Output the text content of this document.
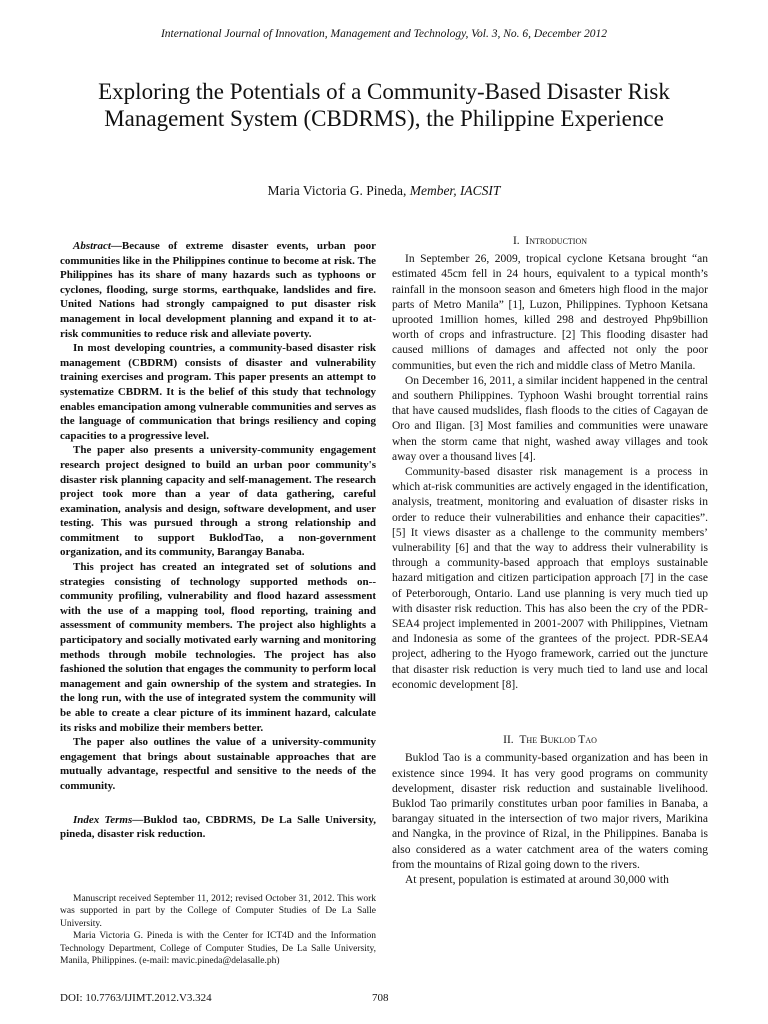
International Journal of Innovation, Management and Technology, Vol. 3, No. 6, December 2012
Exploring the Potentials of a Community-Based Disaster Risk Management System (CBDRMS), the Philippine Experience
Maria Victoria G. Pineda, Member, IACSIT

Abstract—Because of extreme disaster events, urban poor communities like in the Philippines continue to become at risk. The Philippines has its share of many hazards such as typhoons or cyclones, flooding, surge storms, earthquake, landslides and fire. United Nations had strongly campaigned to put disaster risk management in local development planning and expand it to at-risk communities to reduce risk and alleviate poverty.

In most developing countries, a community-based disaster risk management (CBDRM) consists of disaster and vulnerability training exercises and program. This paper presents an attempt to systematize CBDRM. It is the belief of this study that technology enables emancipation among vulnerable communities and serves as the language of communication that brings resiliency and coping capacities to a progressive level.

The paper also presents a university-community engagement research project designed to build an urban poor community's disaster risk planning capacity and self-management. The research project took more than a year of data gathering, careful examination, analysis and design, software development, and user testing. This was pursued through a strong relationship and commitment to support BuklodTao, a non-government organization, and its community, Barangay Banaba.

This project has created an integrated set of solutions and strategies consisting of technology supported methods on--community profiling, vulnerability and flood hazard assessment with the use of a mapping tool, flood reporting, training and assessment of community members. The project also highlights a participatory and socially motivated early warning and monitoring methods through mobile technologies. The project has also fashioned the solution that engages the community to perform local management and gain ownership of the system and strategies. In the long run, with the use of integrated system the community will be able to create a clear picture of its imminent hazard, calculate its risks and mobilize their members better.

The paper also outlines the value of a university-community engagement that brings about sustainable approaches that are mutually advantage, respectful and sensitive to the needs of the community.

Index Terms—Buklod tao, CBDRMS, De La Salle University, pineda, disaster risk reduction.

Manuscript received September 11, 2012; revised October 31, 2012. This work was supported in part by the College of Computer Studies of De La Salle University.

Maria Victoria G. Pineda is with the Center for ICT4D and the Information Technology Department, College of Computer Studies, De La Salle University, Manila, Philippines. (e-mail: mavic.pineda@delasalle.ph)

I. Introduction

In September 26, 2009, tropical cyclone Ketsana brought “an estimated 45cm fell in 24 hours, equivalent to a typical month’s rainfall in the monsoon season and 6meters high flood in the major parts of Metro Manila” [1], Luzon, Philippines. Typhoon Ketsana uprooted 1million homes, killed 298 and destroyed Php9billion worth of crops and infrastructure. [2] This flooding disaster had caused millions of damages and affected not only the poor communities, but even the rich and middle class of Metro Manila.

On December 16, 2011, a similar incident happened in the central and southern Philippines. Typhoon Washi brought torrential rains that have caused mudslides, flash floods to the cities of Cagayan de Oro and Iligan. [3] Most families and communities were unaware when the storm came that night, washed away villages and took away over a thousand lives [4].

Community-based disaster risk management is a process in which at-risk communities are actively engaged in the identification, analysis, treatment, monitoring and evaluation of disaster risks in order to reduce their vulnerabilities and enhance their capacities”. [5] It views disaster as a challenge to the community members’ vulnerability [6] and that the way to address their vulnerability is through a community-based approach that employs sustainable hazard mitigation and citizen participation approach [7] in the case of Peterborough, Ontario. Land use planning is very much tied up with disaster risk reduction. This has also been the cry of the PDR-SEA4 project implemented in 2001-2007 with Philippines, Vietnam and Indonesia as some of the grantees of the project. PDR-SEA4 project, adhering to the Hyogo framework, carried out the juncture that disaster risk reduction is very much tied to land use and local economic development [8].

II. The Buklod Tao

Buklod Tao is a community-based organization and has been in existence since 1994. It has very good programs on community development, disaster risk reduction and sustainable livelihood. Buklod Tao primarily constitutes urban poor families in Banaba, a barangay situated in the intersection of two major rivers, Marikina and Nangka, in the province of Rizal, in the Philippines. Banaba is also considered as a water catchment area of the waters coming from the mountains of Rizal going down to the rivers.

At present, population is estimated at around 30,000 with

DOI: 10.7763/IJIMT.2012.V3.324	708
